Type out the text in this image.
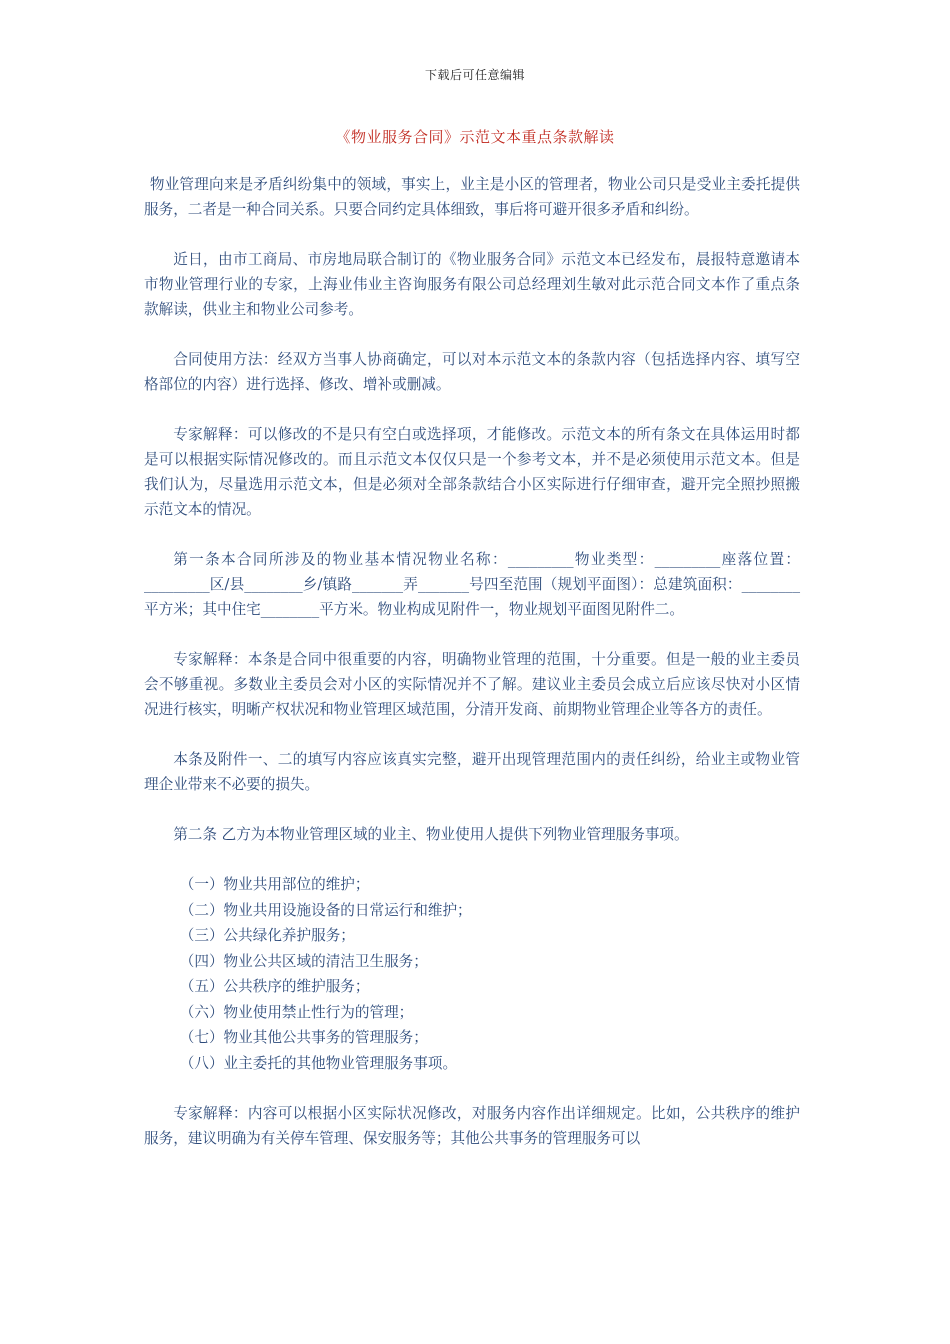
下载后可任意编辑
《物业服务合同》示范文本重点条款解读

物业管理向来是矛盾纠纷集中的领域，事实上，业主是小区的管理者，物业公司只是受业主委托提供服务，二者是一种合同关系。只要合同约定具体细致，事后将可避开很多矛盾和纠纷。

近日，由市工商局、市房地局联合制订的《物业服务合同》示范文本已经发布，晨报特意邀请本市物业管理行业的专家，上海业伟业主咨询服务有限公司总经理刘生敏对此示范合同文本作了重点条款解读，供业主和物业公司参考。

合同使用方法：经双方当事人协商确定，可以对本示范文本的条款内容（包括选择内容、填写空格部位的内容）进行选择、修改、增补或删减。

专家解释：可以修改的不是只有空白或选择项，才能修改。示范文本的所有条文在具体运用时都是可以根据实际情况修改的。而且示范文本仅仅只是一个参考文本，并不是必须使用示范文本。但是我们认为，尽量选用示范文本，但是必须对全部条款结合小区实际进行仔细审查，避开完全照抄照搬示范文本的情况。

第一条本合同所涉及的物业基本情况物业名称：_________物业类型：_________座落位置：_________区/县________乡/镇路_______弄_______号四至范围（规划平面图）：总建筑面积：________平方米；其中住宅________平方米。物业构成见附件一，物业规划平面图见附件二。

专家解释：本条是合同中很重要的内容，明确物业管理的范围，十分重要。但是一般的业主委员会不够重视。多数业主委员会对小区的实际情况并不了解。建议业主委员会成立后应该尽快对小区情况进行核实，明晰产权状况和物业管理区域范围，分清开发商、前期物业管理企业等各方的责任。

本条及附件一、二的填写内容应该真实完整，避开出现管理范围内的责任纠纷，给业主或物业管理企业带来不必要的损失。

第二条 乙方为本物业管理区域的业主、物业使用人提供下列物业管理服务事项。

（一）物业共用部位的维护；
（二）物业共用设施设备的日常运行和维护；
（三）公共绿化养护服务；
（四）物业公共区域的清洁卫生服务；
（五）公共秩序的维护服务；
（六）物业使用禁止性行为的管理；
（七）物业其他公共事务的管理服务；
（八）业主委托的其他物业管理服务事项。

专家解释：内容可以根据小区实际状况修改，对服务内容作出详细规定。比如，公共秩序的维护服务，建议明确为有关停车管理、保安服务等；其他公共事务的管理服务可以
